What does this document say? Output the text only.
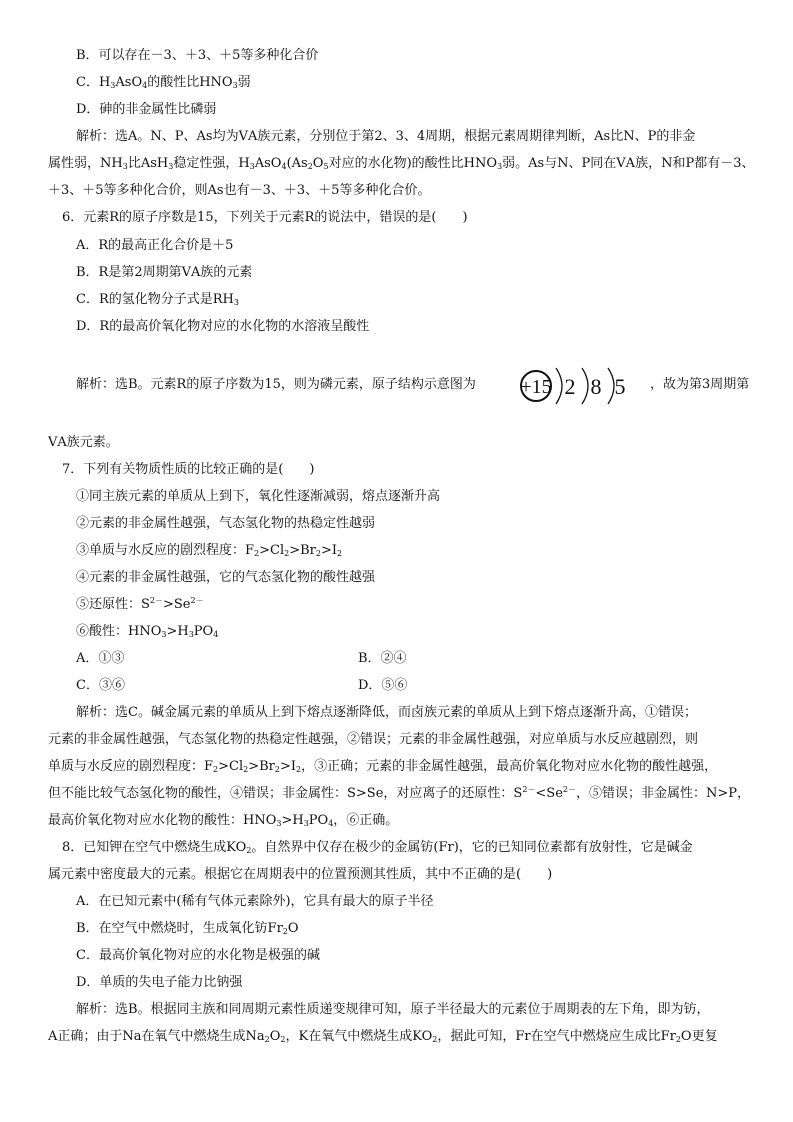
B．可以存在－3、＋3、＋5等多种化合价
C．$H_3AsO_4$的酸性比$HNO_3$弱
D．砷的非金属性比磷弱
解析：选A。N、P、As均为ⅤA族元素，分别位于第2、3、4周期，根据元素周期律判断，As比N、P的非金
属性弱，$NH_3$比AsH$_3$稳定性强，$H_3AsO_4(As_2O_5$对应的水化物)的酸性比$HNO_3$弱。As与N、P同在ⅤA族，N和P都有－3、
＋3、＋5等多种化合价，则As也有－3、＋3、＋5等多种化合价。
6．元素R的原子序数是15，下列关于元素R的说法中，错误的是(　　)
A．R的最高正化合价是＋5
B．R是第2周期第ⅤA族的元素
C．R的氢化物分子式是$RH_3$
D．R的最高价氧化物对应的水化物的水溶液呈酸性
解析：选B。元素R的原子序数为15，则为磷元素，原子结构示意图为 +15 2 8 5 ，故为第3周期第
ⅤA族元素。
7．下列有关物质性质的比较正确的是(　　)
①同主族元素的单质从上到下，氧化性逐渐减弱，熔点逐渐升高
②元素的非金属性越强，气态氢化物的热稳定性越弱
③单质与水反应的剧烈程度：$F_2>Cl_2>Br_2>I_2$
④元素的非金属性越强，它的气态氢化物的酸性越强
⑤还原性：$S^{2-}>Se^{2-}$
⑥酸性：$HNO_3>H_3PO_4$
A．①③	B．②④
C．③⑥	D．⑤⑥
解析：选C。碱金属元素的单质从上到下熔点逐渐降低，而卤族元素的单质从上到下熔点逐渐升高，①错误；
元素的非金属性越强，气态氢化物的热稳定性越强，②错误；元素的非金属性越强，对应单质与水反应越剧烈，则
单质与水反应的剧烈程度：$F_2>Cl_2>Br_2>I_2$，③正确；元素的非金属性越强，最高价氧化物对应水化物的酸性越强，
但不能比较气态氢化物的酸性，④错误；非金属性：S>Se，对应离子的还原性：$S^{2-}<Se^{2-}$，⑤错误；非金属性：N>P，
最高价氧化物对应水化物的酸性：$HNO_3>H_3PO_4$，⑥正确。
8．已知钾在空气中燃烧生成$KO_2$。自然界中仅存在极少的金属钫(Fr)，它的已知同位素都有放射性，它是碱金
属元素中密度最大的元素。根据它在周期表中的位置预测其性质，其中不正确的是(　　)
A．在已知元素中(稀有气体元素除外)，它具有最大的原子半径
B．在空气中燃烧时，生成氧化钫$Fr_2O$
C．最高价氧化物对应的水化物是极强的碱
D．单质的失电子能力比钠强
解析：选B。根据同主族和同周期元素性质递变规律可知，原子半径最大的元素位于周期表的左下角，即为钫，
A正确；由于Na在氧气中燃烧生成$Na_2O_2$，K在氧气中燃烧生成$KO_2$，据此可知，Fr在空气中燃烧应生成比$Fr_2O$更复
